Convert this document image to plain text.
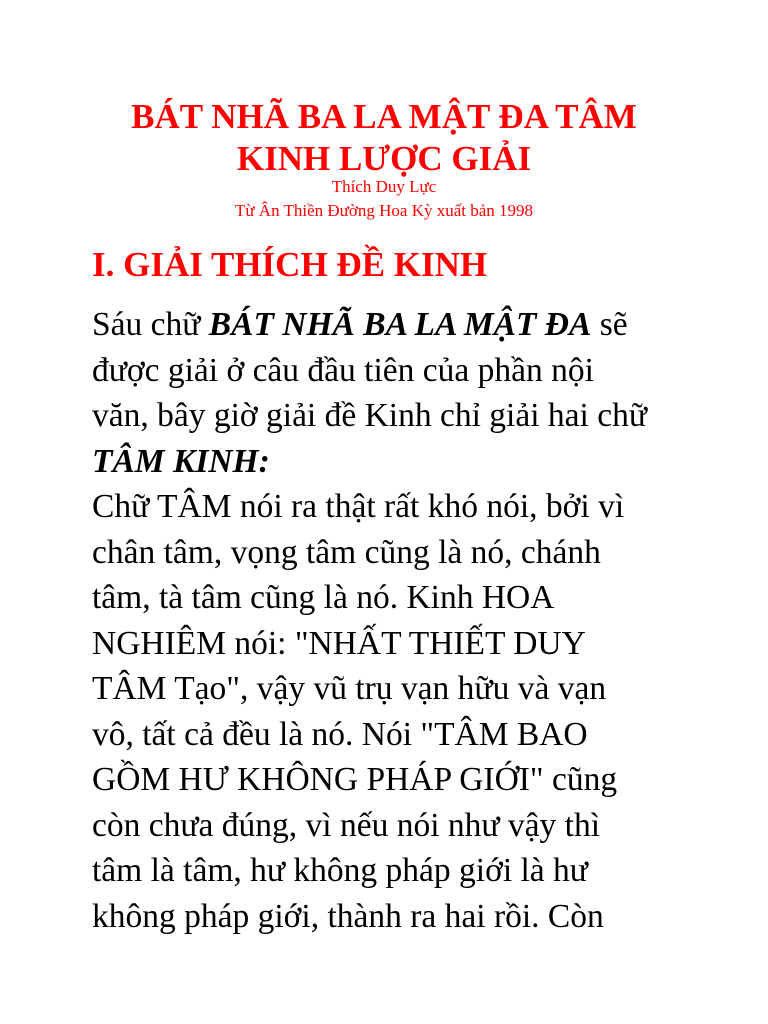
BÁT NHÃ BA LA MẬT ĐA TÂM
KINH LƯỢC GIẢI

Thích Duy Lực

Từ Ân Thiền Đường Hoa Kỳ xuất bản 1998

I. GIẢI THÍCH ĐỀ KINH

Sáu chữ BÁT NHÃ BA LA MẬT ĐA sẽ
được giải ở câu đầu tiên của phần nội
văn, bây giờ giải đề Kinh chỉ giải hai chữ
TÂM KINH:

Chữ TÂM nói ra thật rất khó nói, bởi vì
chân tâm, vọng tâm cũng là nó, chánh
tâm, tà tâm cũng là nó. Kinh HOA
NGHIÊM nói: "NHẤT THIẾT DUY
TÂM Tạo", vậy vũ trụ vạn hữu và vạn
vô, tất cả đều là nó. Nói "TÂM BAO
GỒM HƯ KHÔNG PHÁP GIỚI" cũng
còn chưa đúng, vì nếu nói như vậy thì
tâm là tâm, hư không pháp giới là hư
không pháp giới, thành ra hai rồi. Còn
